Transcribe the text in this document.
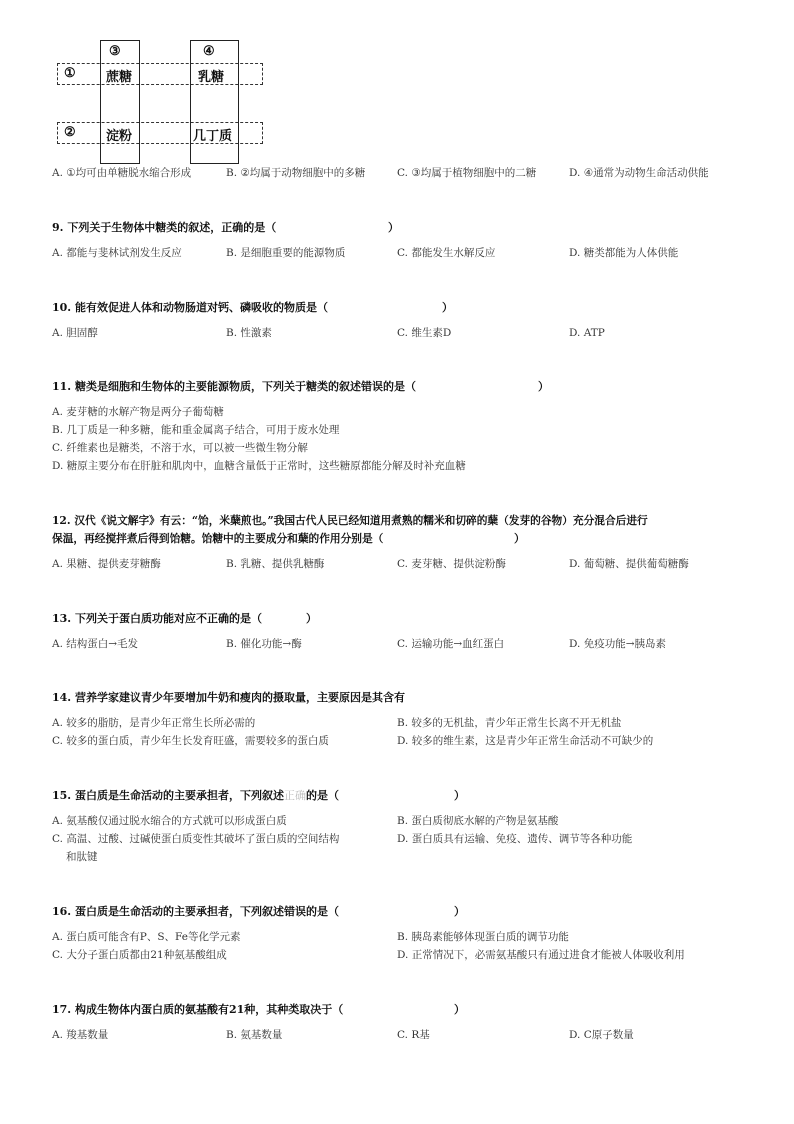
①
②
③	④
蔗糖	乳糖
淀粉	几丁质
A. ①均可由单糖脱水缩合形成	B. ②均属于动物细胞中的多糖	C. ③均属于植物细胞中的二糖	D. ④通常为动物生命活动供能
9. 下列关于生物体中糖类的叙述，正确的是（	）
A. 都能与斐林试剂发生反应	B. 是细胞重要的能源物质	C. 都能发生水解反应	D. 糖类都能为人体供能
10. 能有效促进人体和动物肠道对钙、磷吸收的物质是（	）
A. 胆固醇	B. 性激素	C. 维生素D	D. ATP
11. 糖类是细胞和生物体的主要能源物质，下列关于糖类的叙述错误的是（	）
A. 麦芽糖的水解产物是两分子葡萄糖
B. 几丁质是一种多糖，能和重金属离子结合，可用于废水处理
C. 纤维素也是糖类，不溶于水，可以被一些微生物分解
D. 糖原主要分布在肝脏和肌肉中，血糖含量低于正常时，这些糖原都能分解及时补充血糖
12. 汉代《说文解字》有云：“饴，米蘖煎也。”我国古代人民已经知道用煮熟的糯米和切碎的蘖（发芽的谷物）充分混合后进行
保温，再经搅拌煮后得到饴糖。饴糖中的主要成分和蘖的作用分别是（	）
A. 果糖、提供麦芽糖酶	B. 乳糖、提供乳糖酶	C. 麦芽糖、提供淀粉酶	D. 葡萄糖、提供葡萄糖酶
13. 下列关于蛋白质功能对应不正确的是（	）
A. 结构蛋白→毛发	B. 催化功能→酶	C. 运输功能→血红蛋白	D. 免疫功能→胰岛素
14. 营养学家建议青少年要增加牛奶和瘦肉的摄取量，主要原因是其含有
A. 较多的脂肪，是青少年正常生长所必需的	B. 较多的无机盐，青少年正常生长离不开无机盐
C. 较多的蛋白质，青少年生长发育旺盛，需要较多的蛋白质	D. 较多的维生素，这是青少年正常生命活动不可缺少的
15. 蛋白质是生命活动的主要承担者，下列叙述正确的是（	）
A. 氨基酸仅通过脱水缩合的方式就可以形成蛋白质	B. 蛋白质彻底水解的产物是氨基酸
C. 高温、过酸、过碱使蛋白质变性其破坏了蛋白质的空间结构
和肽键
D. 蛋白质具有运输、免疫、遗传、调节等各种功能
16. 蛋白质是生命活动的主要承担者，下列叙述错误的是（	）
A. 蛋白质可能含有P、S、Fe等化学元素	B. 胰岛素能够体现蛋白质的调节功能
C. 大分子蛋白质都由21种氨基酸组成	D. 正常情况下，必需氨基酸只有通过进食才能被人体吸收利用
17. 构成生物体内蛋白质的氨基酸有21种，其种类取决于（	）
A. 羧基数量	B. 氨基数量	C. R基	D. C原子数量
